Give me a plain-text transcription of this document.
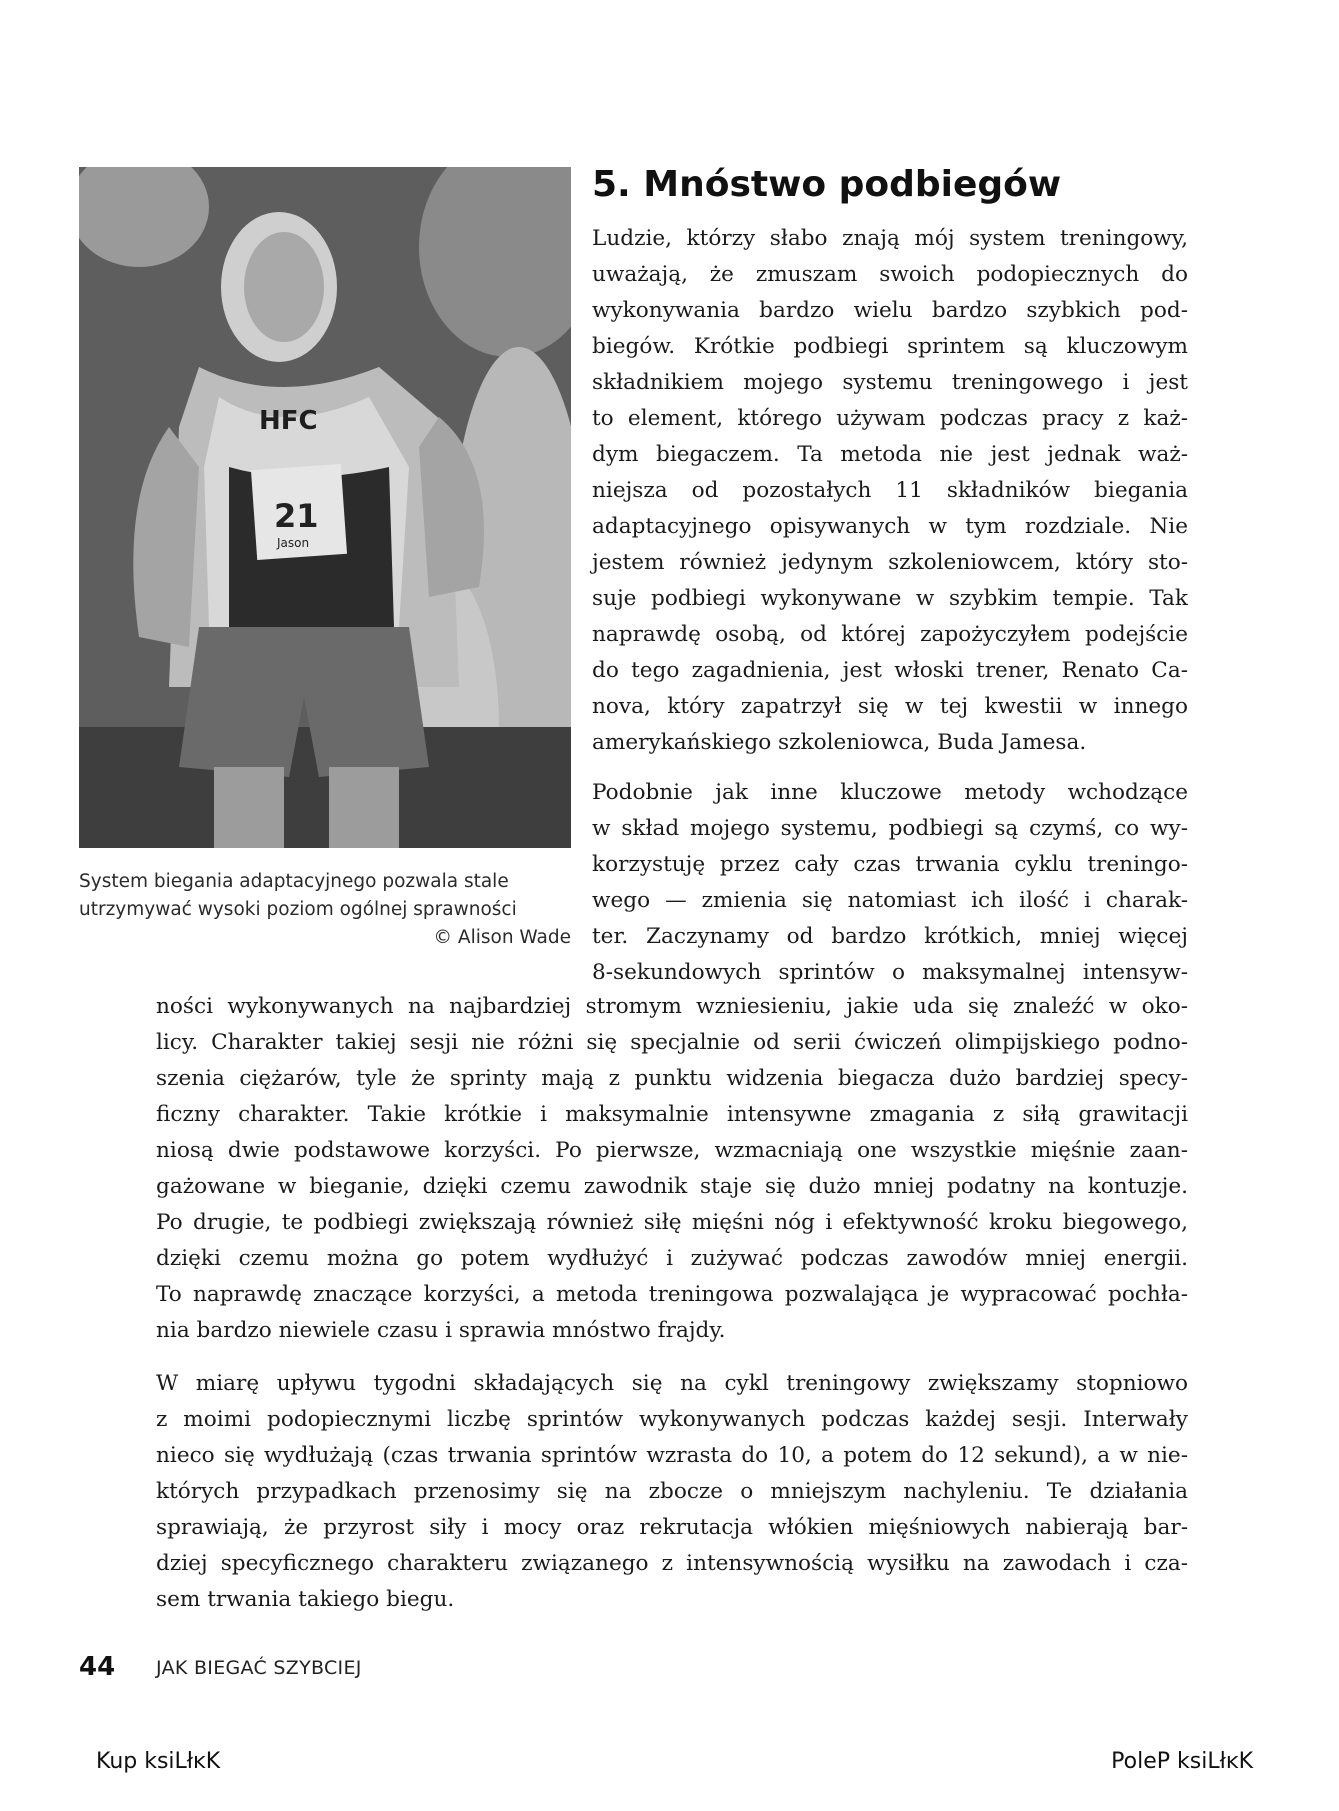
HFC
21
Jason
System biegania adaptacyjnego pozwala stale
utrzymywać wysoki poziom ogólnej sprawności
© Alison Wade
5. Mnóstwo podbiegów
Ludzie, którzy słabo znają mój system treningowy,
uważają, że zmuszam swoich podopiecznych do
wykonywania bardzo wielu bardzo szybkich pod-
biegów. Krótkie podbiegi sprintem są kluczowym
składnikiem mojego systemu treningowego i jest
to element, którego używam podczas pracy z każ-
dym biegaczem. Ta metoda nie jest jednak waż-
niejsza od pozostałych 11 składników biegania
adaptacyjnego opisywanych w tym rozdziale. Nie
jestem również jedynym szkoleniowcem, który sto-
suje podbiegi wykonywane w szybkim tempie. Tak
naprawdę osobą, od której zapożyczyłem podejście
do tego zagadnienia, jest włoski trener, Renato Ca-
nova, który zapatrzył się w tej kwestii w innego
amerykańskiego szkoleniowca, Buda Jamesa.
Podobnie jak inne kluczowe metody wchodzące
w skład mojego systemu, podbiegi są czymś, co wy-
korzystuję przez cały czas trwania cyklu treningo-
wego — zmienia się natomiast ich ilość i charak-
ter. Zaczynamy od bardzo krótkich, mniej więcej
8-sekundowych sprintów o maksymalnej intensyw-
ności wykonywanych na najbardziej stromym wzniesieniu, jakie uda się znaleźć w oko-
licy. Charakter takiej sesji nie różni się specjalnie od serii ćwiczeń olimpijskiego podno-
szenia ciężarów, tyle że sprinty mają z punktu widzenia biegacza dużo bardziej specy-
ficzny charakter. Takie krótkie i maksymalnie intensywne zmagania z siłą grawitacji
niosą dwie podstawowe korzyści. Po pierwsze, wzmacniają one wszystkie mięśnie zaan-
gażowane w bieganie, dzięki czemu zawodnik staje się dużo mniej podatny na kontuzje.
Po drugie, te podbiegi zwiększają również siłę mięśni nóg i efektywność kroku biegowego,
dzięki czemu można go potem wydłużyć i zużywać podczas zawodów mniej energii.
To naprawdę znaczące korzyści, a metoda treningowa pozwalająca je wypracować pochła-
nia bardzo niewiele czasu i sprawia mnóstwo frajdy.
W miarę upływu tygodni składających się na cykl treningowy zwiększamy stopniowo
z moimi podopiecznymi liczbę sprintów wykonywanych podczas każdej sesji. Interwały
nieco się wydłużają (czas trwania sprintów wzrasta do 10, a potem do 12 sekund), a w nie-
których przypadkach przenosimy się na zbocze o mniejszym nachyleniu. Te działania
sprawiają, że przyrost siły i mocy oraz rekrutacja włókien mięśniowych nabierają bar-
dziej specyficznego charakteru związanego z intensywnością wysiłku na zawodach i cza-
sem trwania takiego biegu.
44 JAK BIEGAĆ SZYBCIEJ
Kup ksiLłĸK	PoleP ksiLłĸK
